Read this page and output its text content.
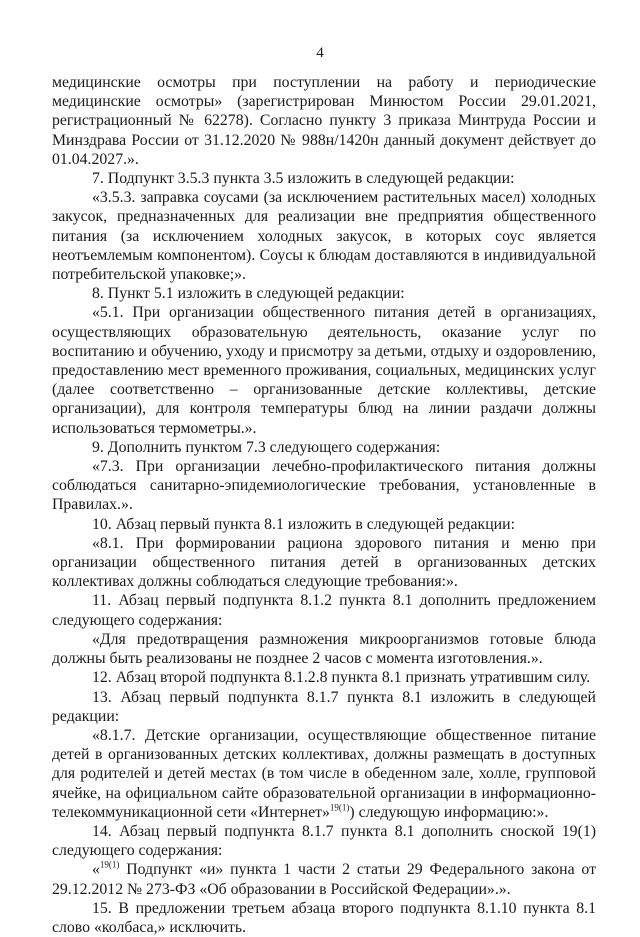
4

медицинские осмотры при поступлении на работу и периодические медицинские осмотры» (зарегистрирован Минюстом России 29.01.2021, регистрационный № 62278). Согласно пункту 3 приказа Минтруда России и Минздрава России от 31.12.2020 № 988н/1420н данный документ действует до 01.04.2027.».

7. Подпункт 3.5.3 пункта 3.5 изложить в следующей редакции:

«3.5.3. заправка соусами (за исключением растительных масел) холодных закусок, предназначенных для реализации вне предприятия общественного питания (за исключением холодных закусок, в которых соус является неотъемлемым компонентом). Соусы к блюдам доставляются в индивидуальной потребительской упаковке;».

8. Пункт 5.1 изложить в следующей редакции:

«5.1. При организации общественного питания детей в организациях, осуществляющих образовательную деятельность, оказание услуг по воспитанию и обучению, уходу и присмотру за детьми, отдыху и оздоровлению, предоставлению мест временного проживания, социальных, медицинских услуг (далее соответственно – организованные детские коллективы, детские организации), для контроля температуры блюд на линии раздачи должны использоваться термометры.».

9. Дополнить пунктом 7.3 следующего содержания:

«7.3. При организации лечебно-профилактического питания должны соблюдаться санитарно-эпидемиологические требования, установленные в Правилах.».

10. Абзац первый пункта 8.1 изложить в следующей редакции:

«8.1. При формировании рациона здорового питания и меню при организации общественного питания детей в организованных детских коллективах должны соблюдаться следующие требования:».

11. Абзац первый подпункта 8.1.2 пункта 8.1 дополнить предложением следующего содержания:

«Для предотвращения размножения микроорганизмов готовые блюда должны быть реализованы не позднее 2 часов с момента изготовления.».

12. Абзац второй подпункта 8.1.2.8 пункта 8.1 признать утратившим силу.

13. Абзац первый подпункта 8.1.7 пункта 8.1 изложить в следующей редакции:

«8.1.7. Детские организации, осуществляющие общественное питание детей в организованных детских коллективах, должны размещать в доступных для родителей и детей местах (в том числе в обеденном зале, холле, групповой ячейке, на официальном сайте образовательной организации в информационно-телекоммуникационной сети «Интернет»$^{19(1)}$) следующую информацию:».

14. Абзац первый подпункта 8.1.7 пункта 8.1 дополнить сноской 19(1) следующего содержания:

«$^{19(1)}$ Подпункт «и» пункта 1 части 2 статьи 29 Федерального закона от 29.12.2012 № 273-ФЗ «Об образовании в Российской Федерации».».

15. В предложении третьем абзаца второго подпункта 8.1.10 пункта 8.1 слово «колбаса,» исключить.
